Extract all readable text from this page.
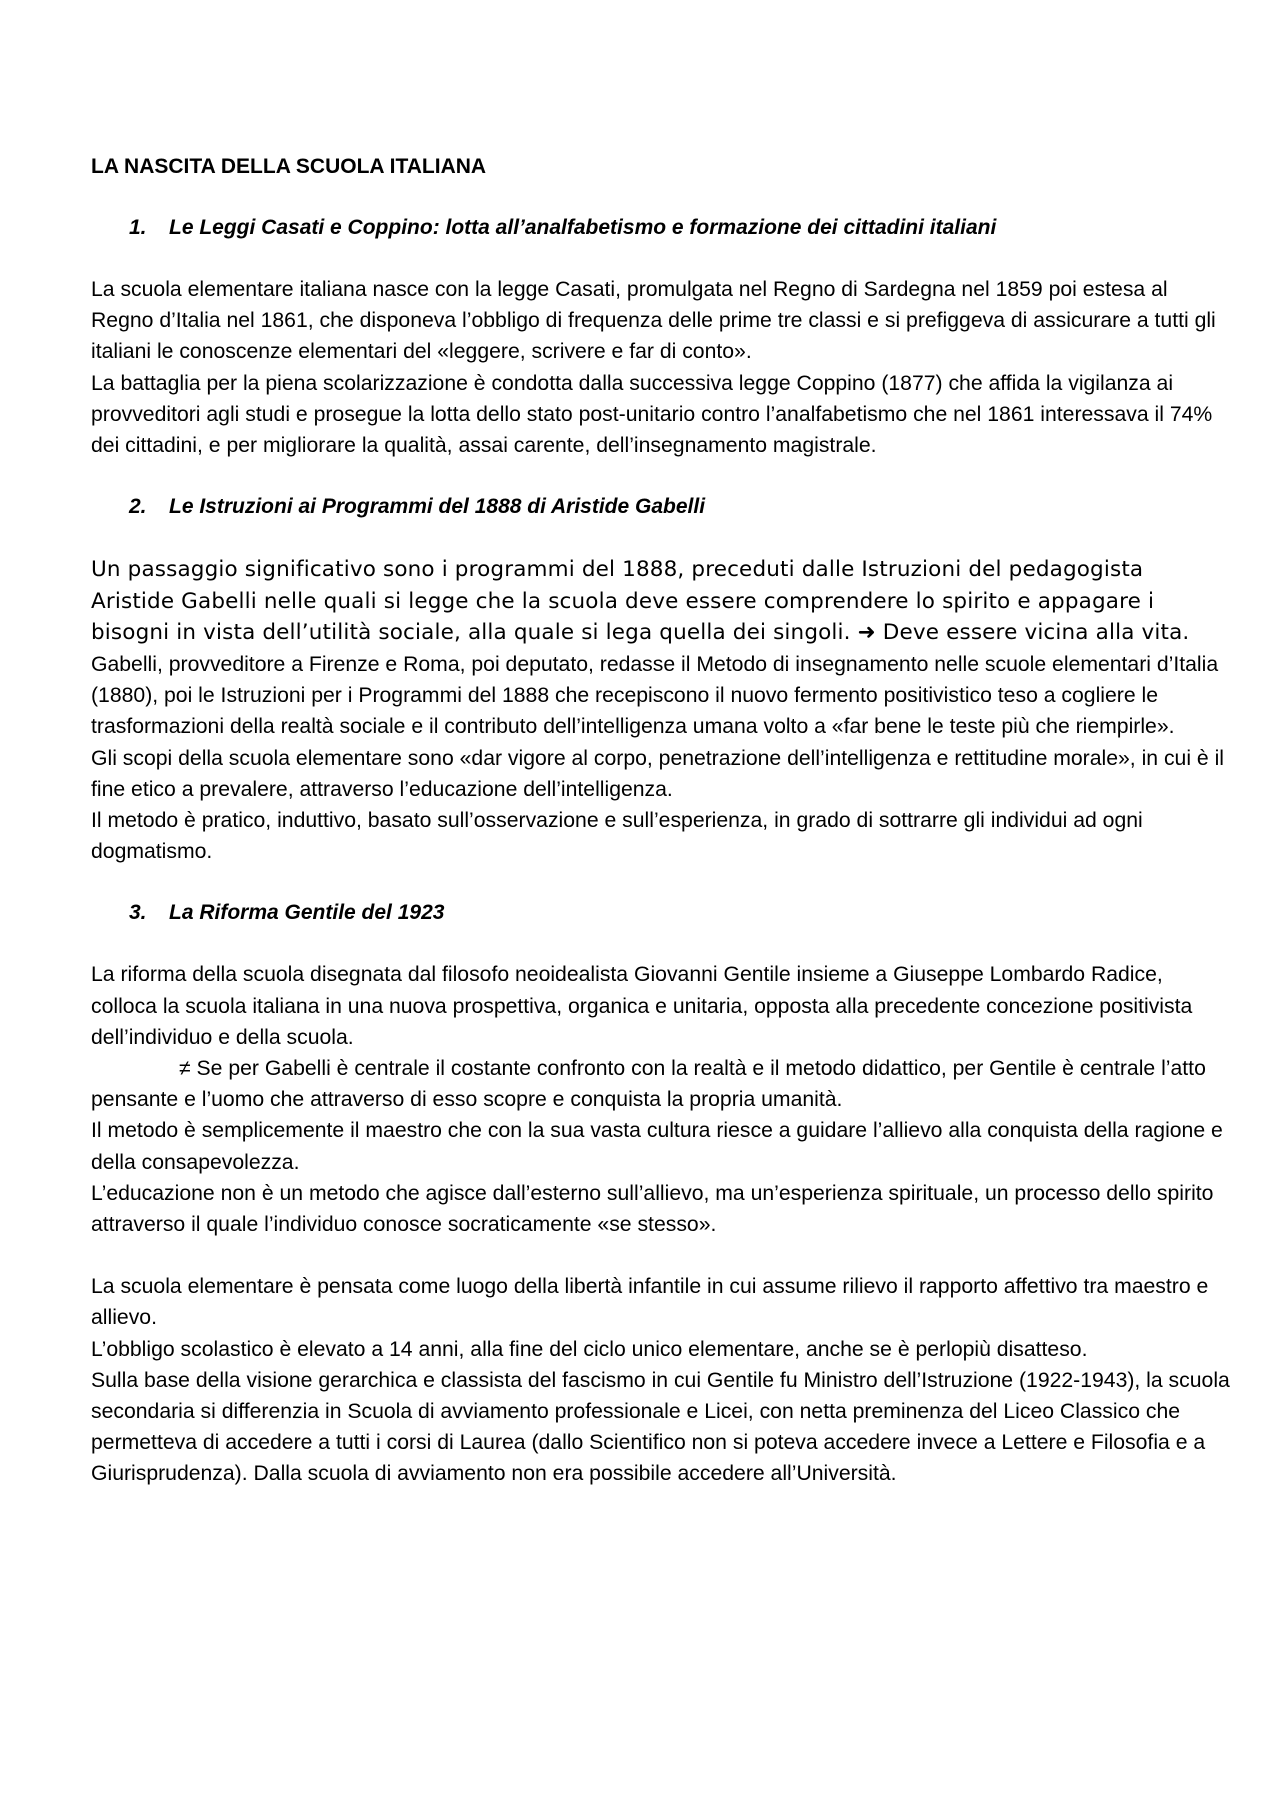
LA NASCITA DELLA SCUOLA ITALIANA
1. Le Leggi Casati e Coppino: lotta all’analfabetismo e formazione dei cittadini italiani

La scuola elementare italiana nasce con la legge Casati, promulgata nel Regno di Sardegna nel 1859 poi estesa al Regno d’Italia nel 1861, che disponeva l’obbligo di frequenza delle prime tre classi e si prefiggeva di assicurare a tutti gli italiani le conoscenze elementari del «leggere, scrivere e far di conto».

La battaglia per la piena scolarizzazione è condotta dalla successiva legge Coppino (1877) che affida la vigilanza ai provveditori agli studi e prosegue la lotta dello stato post-unitario contro l’analfabetismo che nel 1861 interessava il 74% dei cittadini, e per migliorare la qualità, assai carente, dell’insegnamento magistrale.

2. Le Istruzioni ai Programmi del 1888 di Aristide Gabelli

Un passaggio significativo sono i programmi del 1888, preceduti dalle Istruzioni del pedagogista Aristide Gabelli nelle quali si legge che la scuola deve essere comprendere lo spirito e appagare i bisogni in vista dell’utilità sociale, alla quale si lega quella dei singoli. ➜ Deve essere vicina alla vita.

Gabelli, provveditore a Firenze e Roma, poi deputato, redasse il Metodo di insegnamento nelle scuole elementari d’Italia (1880), poi le Istruzioni per i Programmi del 1888 che recepiscono il nuovo fermento positivistico teso a cogliere le trasformazioni della realtà sociale e il contributo dell’intelligenza umana volto a «far bene le teste più che riempirle».

Gli scopi della scuola elementare sono «dar vigore al corpo, penetrazione dell’intelligenza e rettitudine morale», in cui è il fine etico a prevalere, attraverso l’educazione dell’intelligenza.

Il metodo è pratico, induttivo, basato sull’osservazione e sull’esperienza, in grado di sottrarre gli individui ad ogni dogmatismo.

3. La Riforma Gentile del 1923

La riforma della scuola disegnata dal filosofo neoidealista Giovanni Gentile insieme a Giuseppe Lombardo Radice, colloca la scuola italiana in una nuova prospettiva, organica e unitaria, opposta alla precedente concezione positivista dell’individuo e della scuola.

≠ Se per Gabelli è centrale il costante confronto con la realtà e il metodo didattico, per Gentile è centrale l’atto pensante e l’uomo che attraverso di esso scopre e conquista la propria umanità.

Il metodo è semplicemente il maestro che con la sua vasta cultura riesce a guidare l’allievo alla conquista della ragione e della consapevolezza.

L’educazione non è un metodo che agisce dall’esterno sull’allievo, ma un’esperienza spirituale, un processo dello spirito attraverso il quale l’individuo conosce socraticamente «se stesso».

La scuola elementare è pensata come luogo della libertà infantile in cui assume rilievo il rapporto affettivo tra maestro e allievo.

L’obbligo scolastico è elevato a 14 anni, alla fine del ciclo unico elementare, anche se è perlopiù disatteso.

Sulla base della visione gerarchica e classista del fascismo in cui Gentile fu Ministro dell’Istruzione (1922-1943), la scuola secondaria si differenzia in Scuola di avviamento professionale e Licei, con netta preminenza del Liceo Classico che permetteva di accedere a tutti i corsi di Laurea (dallo Scientifico non si poteva accedere invece a Lettere e Filosofia e a Giurisprudenza). Dalla scuola di avviamento non era possibile accedere all’Università.
